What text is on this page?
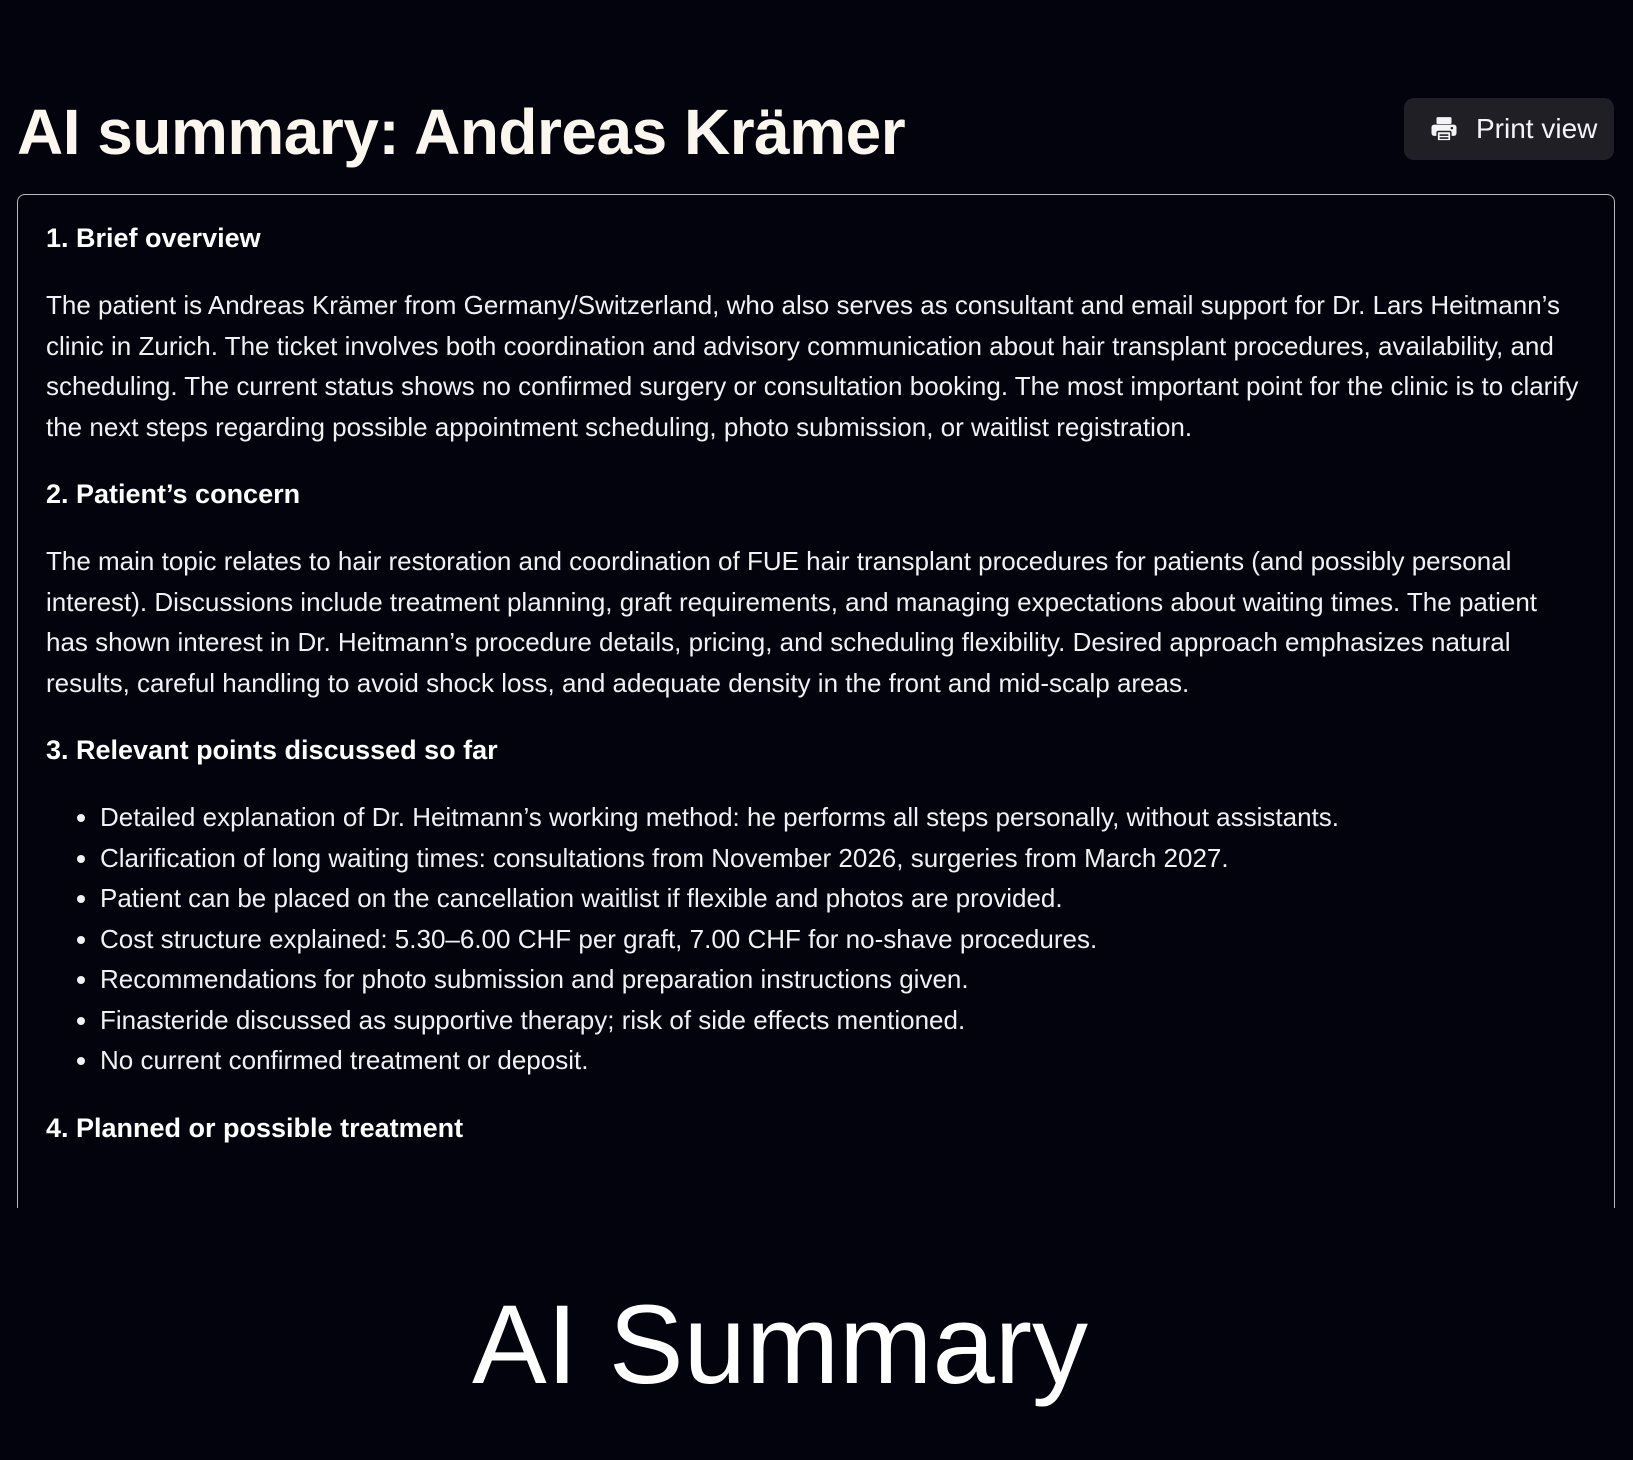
AI summary: Andreas Krämer	Print view
1. Brief overview

The patient is Andreas Krämer from Germany/Switzerland, who also serves as consultant and email support for Dr. Lars Heitmann’s clinic in Zurich. The ticket involves both coordination and advisory communication about hair transplant procedures, availability, and scheduling. The current status shows no confirmed surgery or consultation booking. The most important point for the clinic is to clarify the next steps regarding possible appointment scheduling, photo submission, or waitlist registration.

2. Patient’s concern

The main topic relates to hair restoration and coordination of FUE hair transplant procedures for patients (and possibly personal interest). Discussions include treatment planning, graft requirements, and managing expectations about waiting times. The patient has shown interest in Dr. Heitmann’s procedure details, pricing, and scheduling flexibility. Desired approach emphasizes natural results, careful handling to avoid shock loss, and adequate density in the front and mid-scalp areas.

3. Relevant points discussed so far
• Detailed explanation of Dr. Heitmann’s working method: he performs all steps personally, without assistants.
• Clarification of long waiting times: consultations from November 2026, surgeries from March 2027.
• Patient can be placed on the cancellation waitlist if flexible and photos are provided.
• Cost structure explained: 5.30–6.00 CHF per graft, 7.00 CHF for no-shave procedures.
• Recommendations for photo submission and preparation instructions given.
• Finasteride discussed as supportive therapy; risk of side effects mentioned.
• No current confirmed treatment or deposit.
4. Planned or possible treatment
AI Summary
